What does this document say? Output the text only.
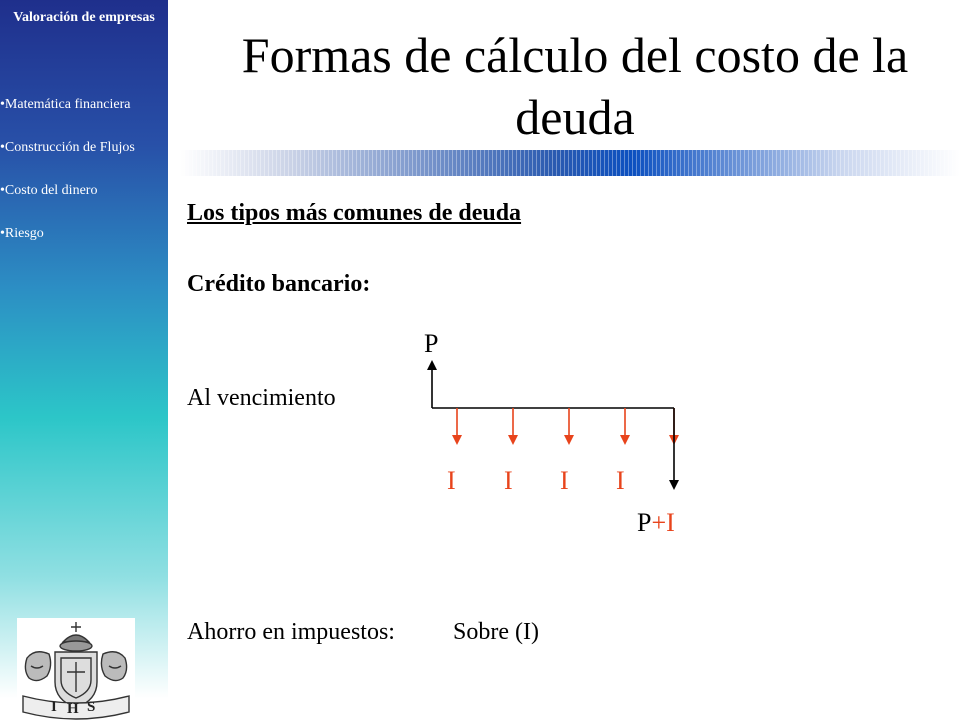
Valoración de empresas
•Matemática financiera
•Construcción de Flujos
•Costo del dinero
•Riesgo
I H S
Formas de cálculo del costo de la deuda
Los tipos más comunes de deuda
Crédito bancario:
Al vencimiento
Ahorro en impuestos: Sobre (I)
P
I I I I
P+I
